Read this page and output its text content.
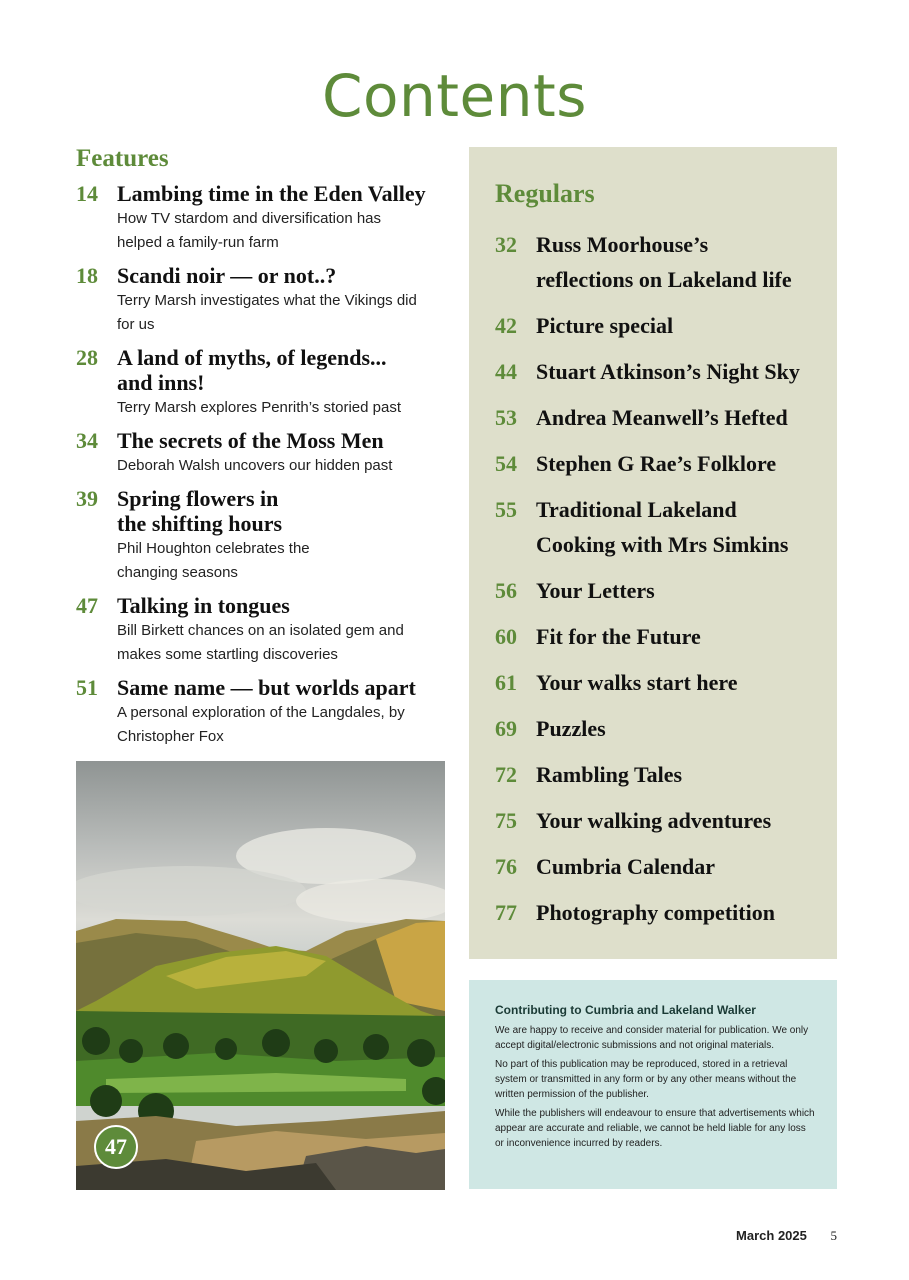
Contents
Features
14 Lambing time in the Eden Valley
How TV stardom and diversification has helped a family-run farm
18 Scandi noir — or not..?
Terry Marsh investigates what the Vikings did for us
28 A land of myths, of legends... and inns!
Terry Marsh explores Penrith’s storied past
34 The secrets of the Moss Men
Deborah Walsh uncovers our hidden past
39 Spring flowers in the shifting hours
Phil Houghton celebrates the changing seasons
47 Talking in tongues
Bill Birkett chances on an isolated gem and makes some startling discoveries
51 Same name — but worlds apart
A personal exploration of the Langdales, by Christopher Fox
47
Regulars
32 Russ Moorhouse’s reflections on Lakeland life
42 Picture special
44 Stuart Atkinson’s Night Sky
53 Andrea Meanwell’s Hefted
54 Stephen G Rae’s Folklore
55 Traditional Lakeland Cooking with Mrs Simkins
56 Your Letters
60 Fit for the Future
61 Your walks start here
69 Puzzles
72 Rambling Tales
75 Your walking adventures
76 Cumbria Calendar
77 Photography competition
Contributing to Cumbria and Lakeland Walker

We are happy to receive and consider material for publication. We only accept digital/electronic submissions and not original materials.

No part of this publication may be reproduced, stored in a retrieval system or transmitted in any form or by any other means without the written permission of the publisher.

While the publishers will endeavour to ensure that advertisements which appear are accurate and reliable, we cannot be held liable for any loss or inconvenience incurred by readers.

March 2025 5
